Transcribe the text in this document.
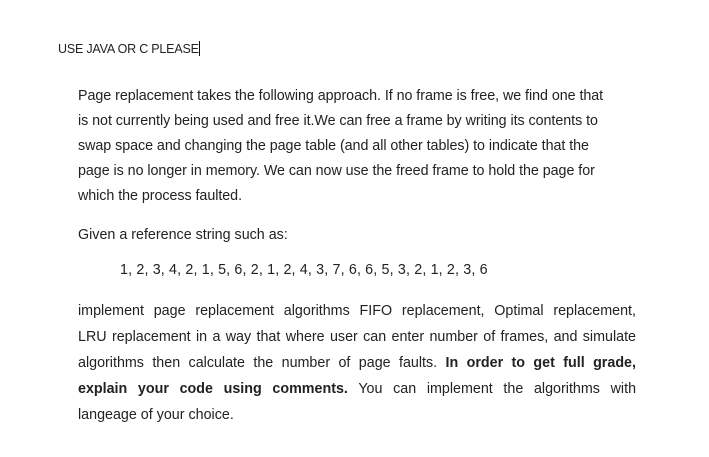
USE JAVA OR C PLEASE
Page replacement takes the following approach. If no frame is free, we find one that
is not currently being used and free it.We can free a frame by writing its contents to
swap space and changing the page table (and all other tables) to indicate that the
page is no longer in memory. We can now use the freed frame to hold the page for
which the process faulted.
Given a reference string such as:
1, 2, 3, 4, 2, 1, 5, 6, 2, 1, 2, 4, 3, 7, 6, 6, 5, 3, 2, 1, 2, 3, 6
implement page replacement algorithms FIFO replacement, Optimal replacement,
LRU replacement in a way that where user can enter number of frames, and simulate
algorithms then calculate the number of page faults. In order to get full grade,
explain your code using comments. You can implement the algorithms with
langeage of your choice.
